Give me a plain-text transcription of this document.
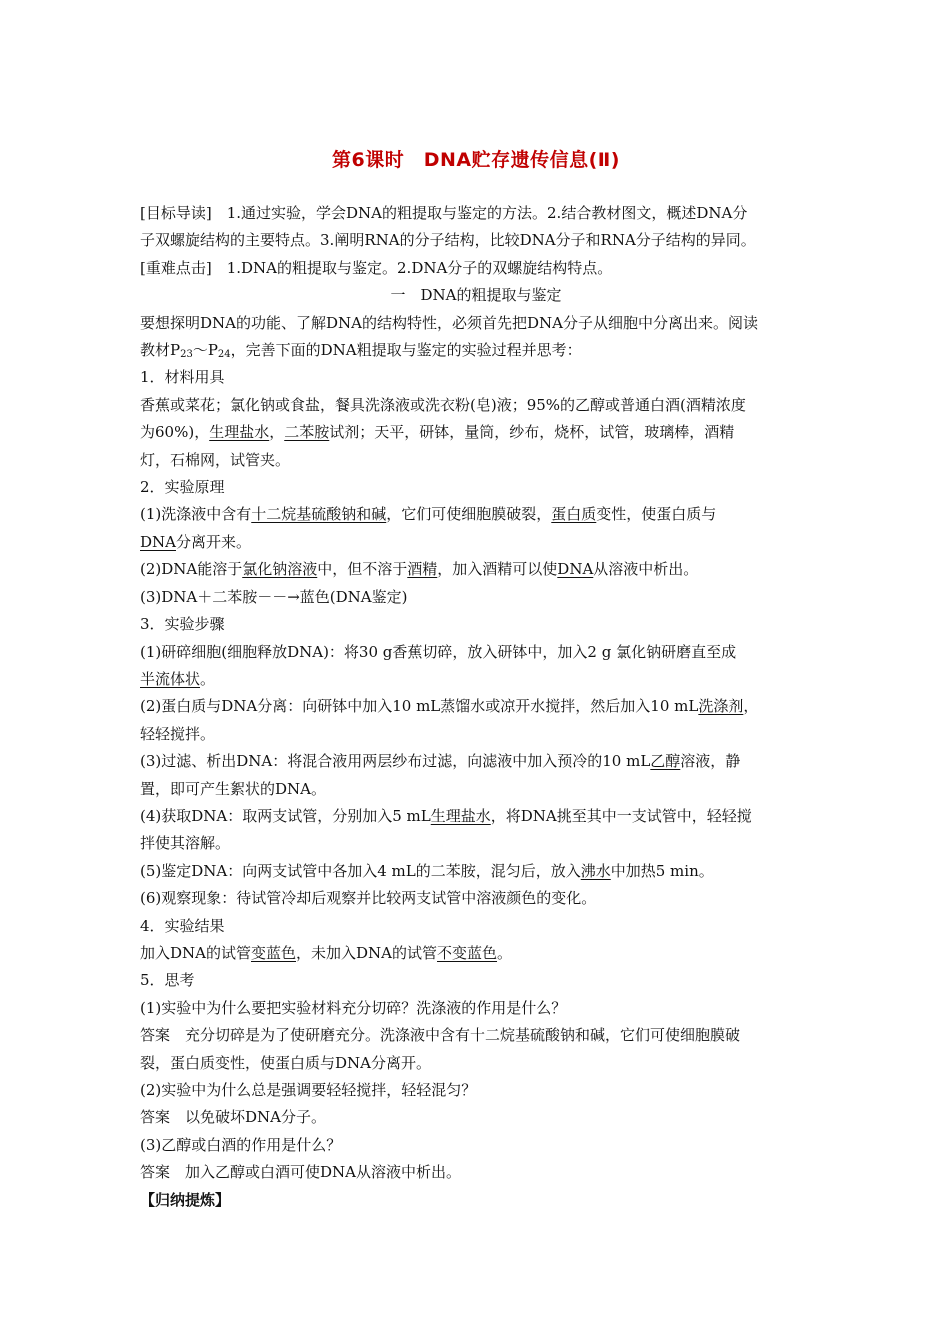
第6课时　DNA贮存遗传信息(Ⅱ)

[目标导读]　1.通过实验，学会DNA的粗提取与鉴定的方法。2.结合教材图文，概述DNA分

子双螺旋结构的主要特点。3.阐明RNA的分子结构，比较DNA分子和RNA分子结构的异同。

[重难点击]　1.DNA的粗提取与鉴定。2.DNA分子的双螺旋结构特点。

一　DNA的粗提取与鉴定

要想探明DNA的功能、了解DNA的结构特性，必须首先把DNA分子从细胞中分离出来。阅读

教材$P_{23}\sim P_{24}$，完善下面的DNA粗提取与鉴定的实验过程并思考：

1．材料用具

香蕉或菜花；氯化钠或食盐，餐具洗涤液或洗衣粉(皂)液；95%的乙醇或普通白酒(酒精浓度

为60%)，生理盐水，二苯胺试剂；天平，研钵，量筒，纱布，烧杯，试管，玻璃棒，酒精

灯，石棉网，试管夹。

2．实验原理

(1)洗涤液中含有十二烷基硫酸钠和碱，它们可使细胞膜破裂，蛋白质变性，使蛋白质与

DNA分离开来。

(2)DNA能溶于氯化钠溶液中，但不溶于酒精，加入酒精可以使DNA从溶液中析出。

(3)DNA＋二苯胺－－→蓝色(DNA鉴定)

3．实验步骤

(1)研碎细胞(细胞释放DNA)：将30 g香蕉切碎，放入研钵中，加入2 g 氯化钠研磨直至成

半流体状。

(2)蛋白质与DNA分离：向研钵中加入10 mL蒸馏水或凉开水搅拌，然后加入10 mL洗涤剂，

轻轻搅拌。

(3)过滤、析出DNA：将混合液用两层纱布过滤，向滤液中加入预冷的10 mL乙醇溶液，静

置，即可产生絮状的DNA。

(4)获取DNA：取两支试管，分别加入5 mL生理盐水，将DNA挑至其中一支试管中，轻轻搅

拌使其溶解。

(5)鉴定DNA：向两支试管中各加入4 mL的二苯胺，混匀后，放入沸水中加热5 min。

(6)观察现象：待试管冷却后观察并比较两支试管中溶液颜色的变化。

4．实验结果

加入DNA的试管变蓝色，未加入DNA的试管不变蓝色。

5．思考

(1)实验中为什么要把实验材料充分切碎？洗涤液的作用是什么？

答案　充分切碎是为了使研磨充分。洗涤液中含有十二烷基硫酸钠和碱，它们可使细胞膜破

裂，蛋白质变性，使蛋白质与DNA分离开。

(2)实验中为什么总是强调要轻轻搅拌，轻轻混匀？

答案　以免破坏DNA分子。

(3)乙醇或白酒的作用是什么？

答案　加入乙醇或白酒可使DNA从溶液中析出。

【归纳提炼】
